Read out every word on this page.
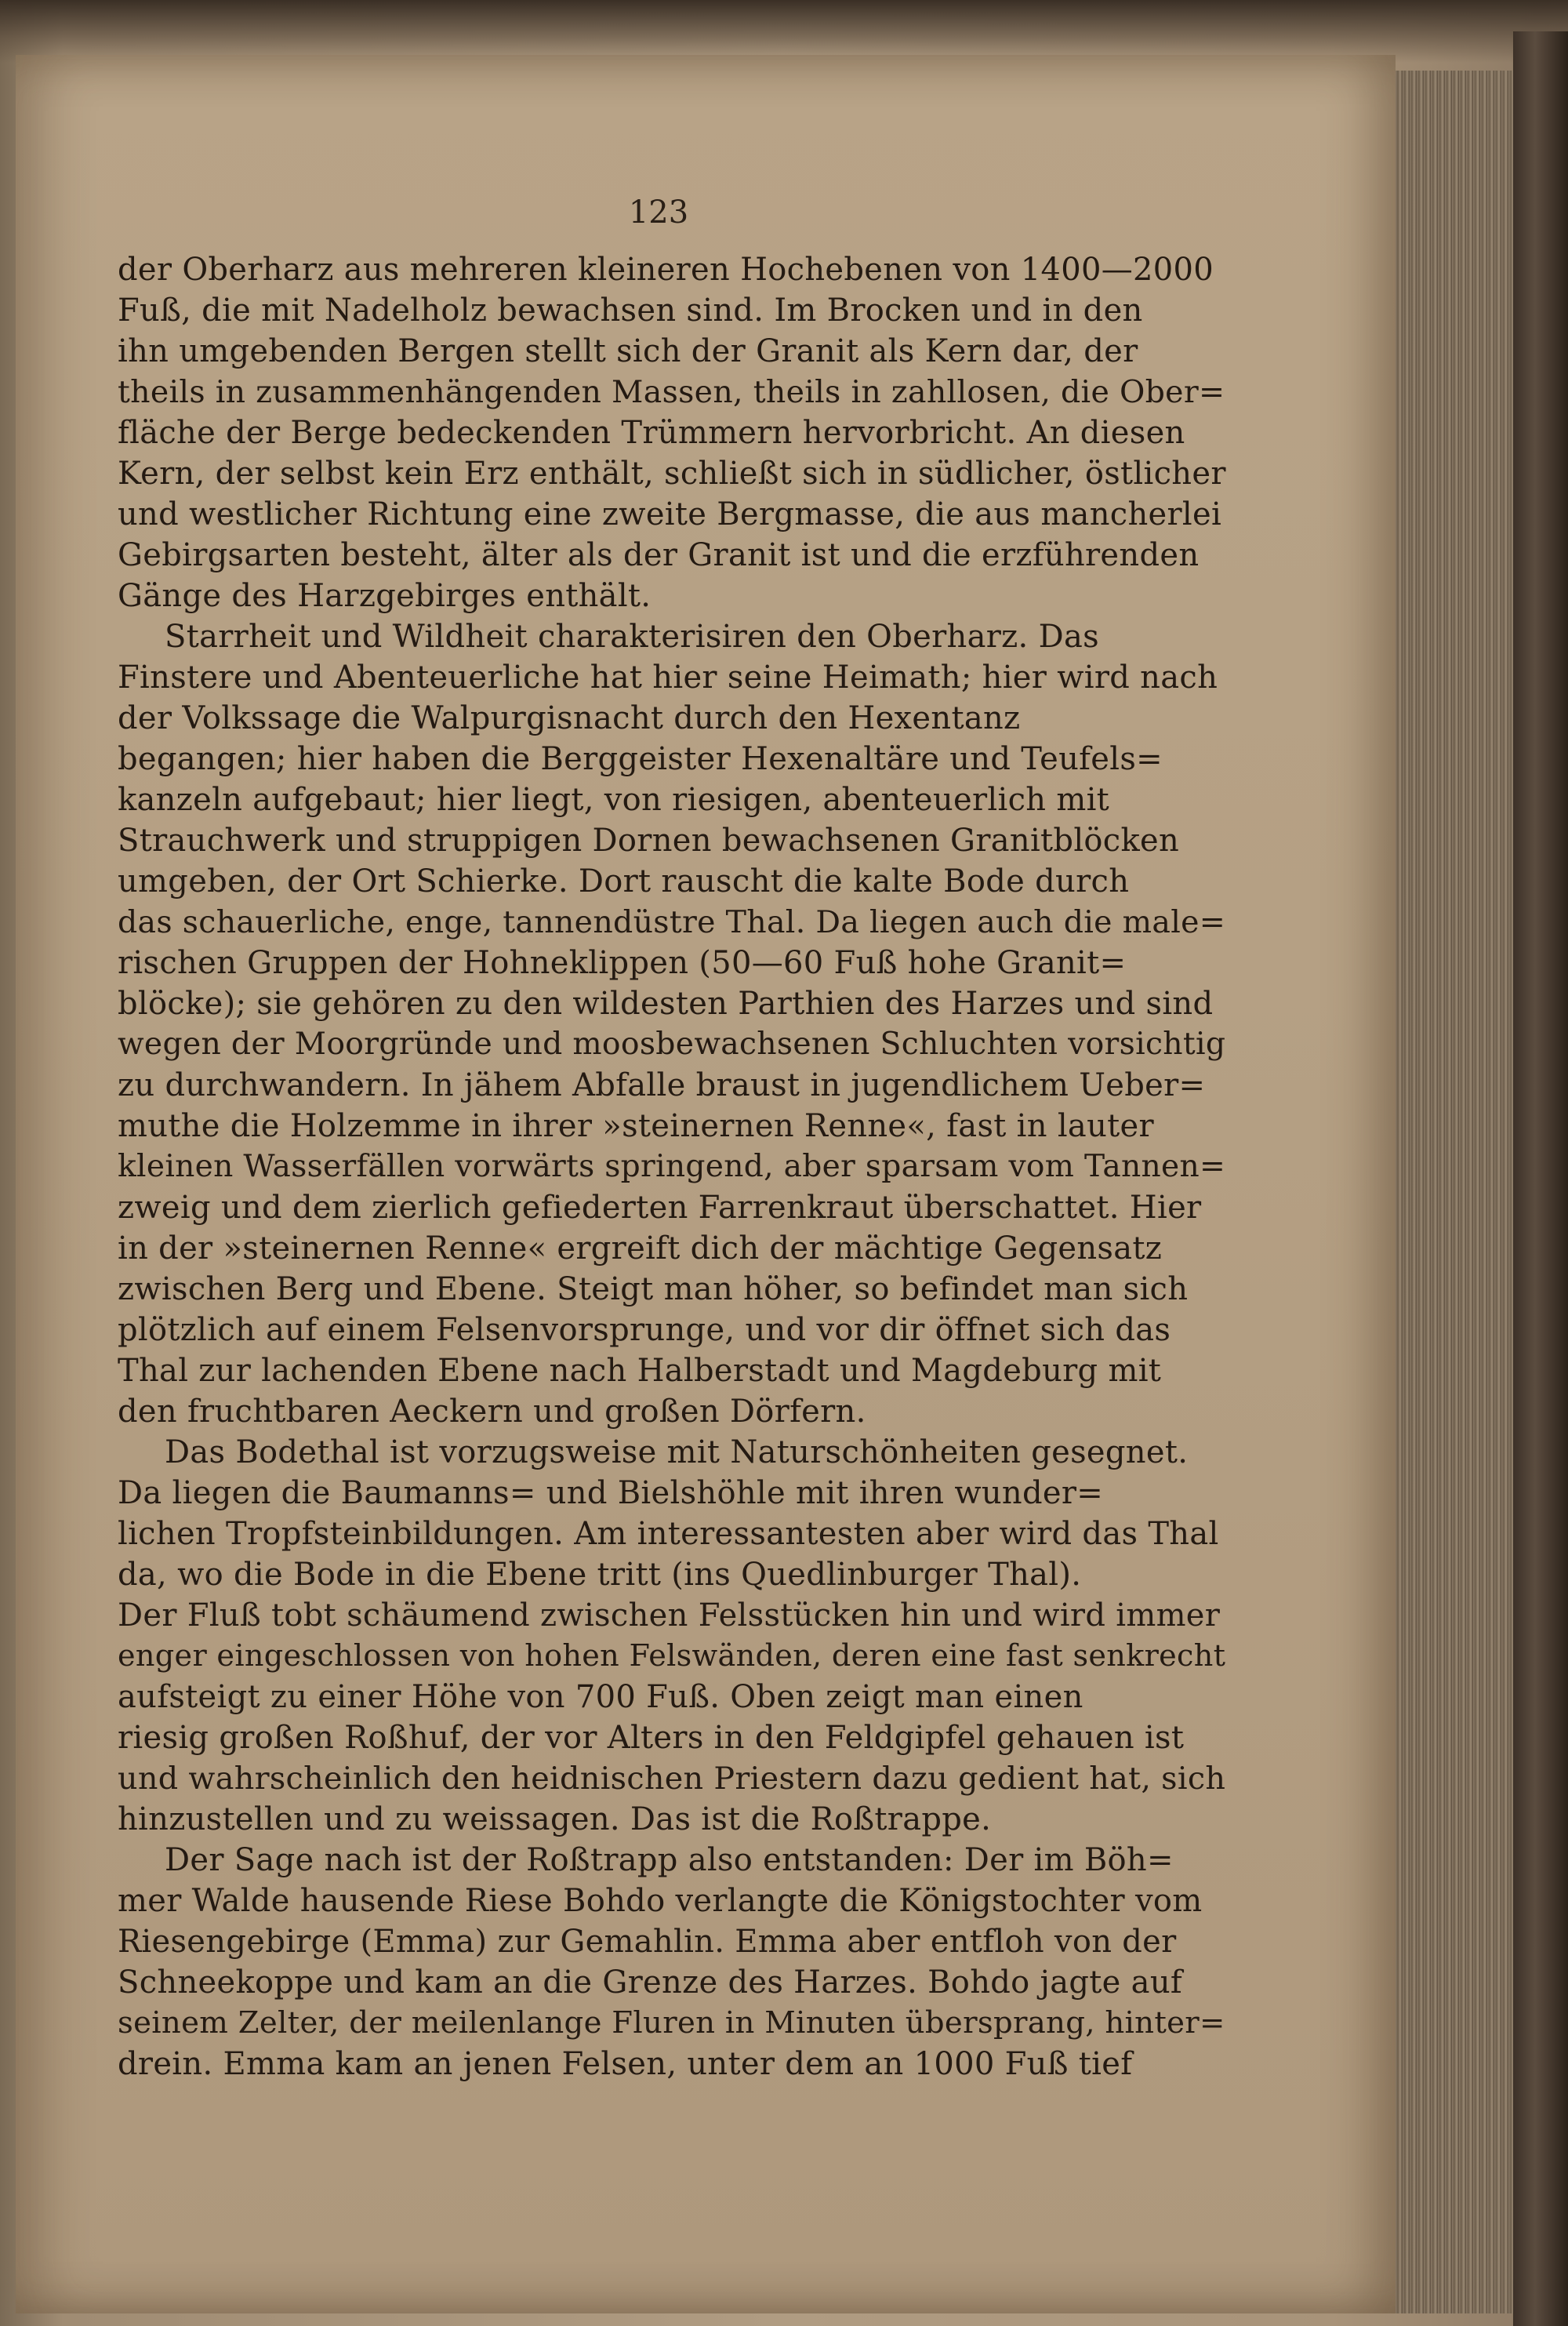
123
der Oberharz aus mehreren kleineren Hochebenen von 1400—2000
Fuß, die mit Nadelholz bewachsen sind. Im Brocken und in den
ihn umgebenden Bergen stellt sich der Granit als Kern dar, der
theils in zusammenhängenden Massen, theils in zahllosen, die Ober=
fläche der Berge bedeckenden Trümmern hervorbricht. An diesen
Kern, der selbst kein Erz enthält, schließt sich in südlicher, östlicher
und westlicher Richtung eine zweite Bergmasse, die aus mancherlei
Gebirgsarten besteht, älter als der Granit ist und die erzführenden
Gänge des Harzgebirges enthält.
Starrheit und Wildheit charakterisiren den Oberharz. Das
Finstere und Abenteuerliche hat hier seine Heimath; hier wird nach
der Volkssage die Walpurgisnacht durch den Hexentanz
begangen; hier haben die Berggeister Hexenaltäre und Teufels=
kanzeln aufgebaut; hier liegt, von riesigen, abenteuerlich mit
Strauchwerk und struppigen Dornen bewachsenen Granitblöcken
umgeben, der Ort Schierke. Dort rauscht die kalte Bode durch
das schauerliche, enge, tannendüstre Thal. Da liegen auch die male=
rischen Gruppen der Hohneklippen (50—60 Fuß hohe Granit=
blöcke); sie gehören zu den wildesten Parthien des Harzes und sind
wegen der Moorgründe und moosbewachsenen Schluchten vorsichtig
zu durchwandern. In jähem Abfalle braust in jugendlichem Ueber=
muthe die Holzemme in ihrer »steinernen Renne«, fast in lauter
kleinen Wasserfällen vorwärts springend, aber sparsam vom Tannen=
zweig und dem zierlich gefiederten Farrenkraut überschattet. Hier
in der »steinernen Renne« ergreift dich der mächtige Gegensatz
zwischen Berg und Ebene. Steigt man höher, so befindet man sich
plötzlich auf einem Felsenvorsprunge, und vor dir öffnet sich das
Thal zur lachenden Ebene nach Halberstadt und Magdeburg mit
den fruchtbaren Aeckern und großen Dörfern.
Das Bodethal ist vorzugsweise mit Naturschönheiten gesegnet.
Da liegen die Baumanns= und Bielshöhle mit ihren wunder=
lichen Tropfsteinbildungen. Am interessantesten aber wird das Thal
da, wo die Bode in die Ebene tritt (ins Quedlinburger Thal).
Der Fluß tobt schäumend zwischen Felsstücken hin und wird immer
enger eingeschlossen von hohen Felswänden, deren eine fast senkrecht
aufsteigt zu einer Höhe von 700 Fuß. Oben zeigt man einen
riesig großen Roßhuf, der vor Alters in den Feldgipfel gehauen ist
und wahrscheinlich den heidnischen Priestern dazu gedient hat, sich
hinzustellen und zu weissagen. Das ist die Roßtrappe.
Der Sage nach ist der Roßtrapp also entstanden: Der im Böh=
mer Walde hausende Riese Bohdo verlangte die Königstochter vom
Riesengebirge (Emma) zur Gemahlin. Emma aber entfloh von der
Schneekoppe und kam an die Grenze des Harzes. Bohdo jagte auf
seinem Zelter, der meilenlange Fluren in Minuten übersprang, hinter=
drein. Emma kam an jenen Felsen, unter dem an 1000 Fuß tief
